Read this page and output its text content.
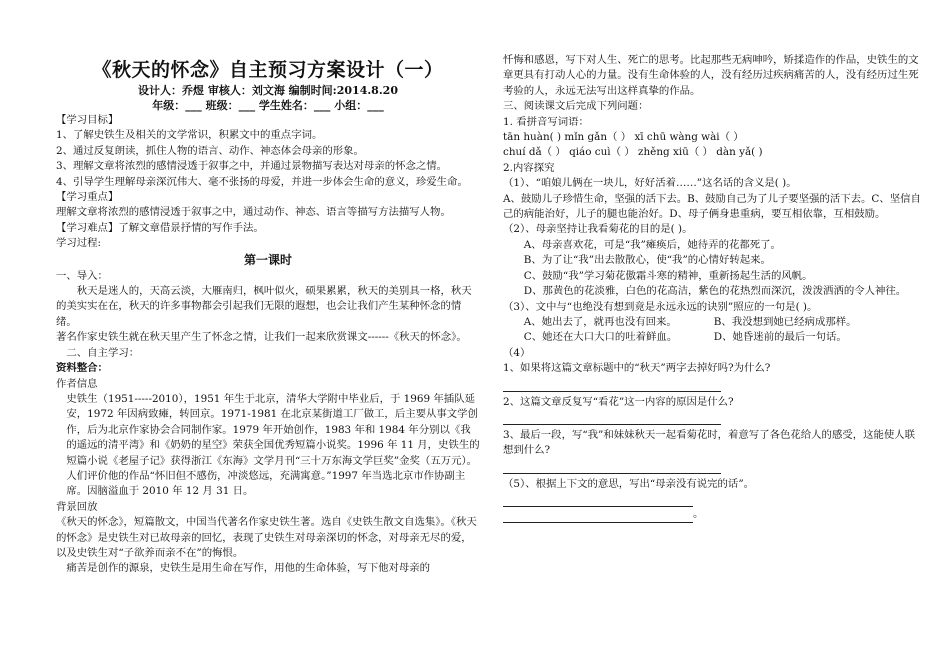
《秋天的怀念》自主预习方案设计（一）
设计人：乔煜 审核人：刘文海 编制时间:2014.8.20
年级：___ 班级：___ 学生姓名：___ 小组：___

【学习目标】

1、了解史铁生及相关的文学常识，积累文中的重点字词。

2、通过反复朗读，抓住人物的语言、动作、神态体会母亲的形象。

3、理解文章将浓烈的感情浸透于叙事之中，并通过景物描写表达对母亲的怀念之情。

4、引导学生理解母亲深沉伟大、毫不张扬的母爱，并进一步体会生命的意义，珍爱生命。

【学习重点】

理解文章将浓烈的感情浸透于叙事之中，通过动作、神态、语言等描写方法描写人物。

【学习难点】了解文章借景抒情的写作手法。

学习过程:

第一课时

一、导入：

秋天是迷人的，天高云淡，大雁南归，枫叶似火，硕果累累，秋天的美别具一格，秋天的美实实在在，秋天的许多事物都会引起我们无限的遐想，也会让我们产生某种怀念的情绪。

著名作家史铁生就在秋天里产生了怀念之情，让我们一起来欣赏课文------《秋天的怀念》。

二、自主学习：

资料整合：

作者信息

史铁生（1951-----2010），1951 年生于北京，清华大学附中毕业后，于 1969 年插队延安，1972 年因病致瘫，转回京。1971-1981 在北京某街道工厂做工，后主要从事文学创作，后为北京作家协会合同制作家。1979 年开始创作，1983 年和 1984 年分别以《我的遥远的清平湾》和《奶奶的星空》荣获全国优秀短篇小说奖。1996 年 11 月，史铁生的短篇小说《老屋子记》获得浙江《东海》文学月刊“三十万东海文学巨奖”金奖（五万元）。人们评价他的作品“怀旧但不感伤，冲淡悠远，充满寓意。”1997 年当选北京市作协副主席。因脑溢血于 2010 年 12 月 31 日。

背景回放

《秋天的怀念》，短篇散文，中国当代著名作家史铁生著。选自《史铁生散文自选集》。《秋天的怀念》是史铁生对已故母亲的回忆，表现了史铁生对母亲深切的怀念，对母亲无尽的爱，以及史铁生对“子欲养而亲不在”的悔恨。

痛苦是创作的源泉，史铁生是用生命在写作，用他的生命体验，写下他对母亲的

忏悔和感恩，写下对人生、死亡的思考。比起那些无病呻吟，矫揉造作的作品，史铁生的文章更具有打动人心的力量。没有生命体验的人，没有经历过疾病痛苦的人，没有经历过生死考验的人，永远无法写出这样真挚的作品。

三、阅读课文后完成下列问题：

1. 看拼音写词语：

tān huàn( ) mǐn gǎn（ ） xī chū wàng wài（ ）

chuí dǎ（ ） qiáo cuì（ ） zhěng xiū（ ） dàn yǎ( )

2.内容探究

（1）、“咱娘儿俩在一块儿，好好活着……”这名话的含义是( )。

A、鼓励儿子珍惜生命，坚强的活下去。B、鼓励自己为了儿子要坚强的活下去。C、坚信自己的病能治好，儿子的腿也能治好。D、母子俩身患重病，要互相依靠，互相鼓励。

（2）、母亲坚持让我看菊花的目的是( )。

A、母亲喜欢花，可是“我”瘫痪后，她待弄的花都死了。

B、为了让“我”出去散散心，使“我”的心情好转起来。

C、鼓励“我”学习菊花傲霜斗寒的精神，重新扬起生活的风帆。

D、那黄色的花淡雅，白色的花高洁，紫色的花热烈而深沉，泼泼洒洒的令人神往。

（3）、文中与“也绝没有想到竟是永远永远的诀别”照应的一句是( )。

A、她出去了，就再也没有回来。	B、我没想到她已经病成那样。
C、她还在大口大口的吐着鲜血。	D、她昏迷前的最后一句话。

（4）

1、如果将这篇文章标题中的“秋天”两字去掉好吗?为什么?

2、这篇文章反复写“看花”这一内容的原因是什么?

3、最后一段，写“我”和妹妹秋天一起看菊花时，着意写了各色花给人的感受，这能使人联想到什么?

（5）、根据上下文的意思，写出“母亲没有说完的话”。

。
